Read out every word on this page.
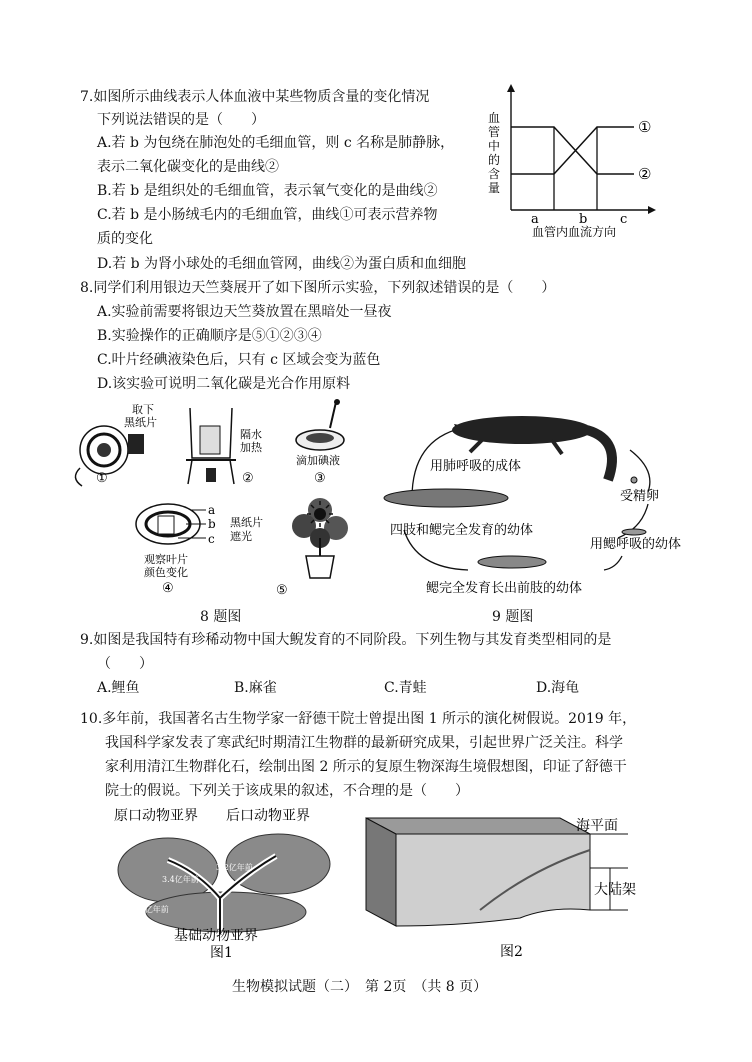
7.如图所示曲线表示人体血液中某些物质含量的变化情况
下列说法错误的是（　　）
A.若 b 为包绕在肺泡处的毛细血管，则 c 名称是肺静脉，
表示二氧化碳变化的是曲线②
B.若 b 是组织处的毛细血管，表示氧气变化的是曲线②
C.若 b 是小肠绒毛内的毛细血管，曲线①可表示营养物
质的变化
D.若 b 为肾小球处的毛细血管网，曲线②为蛋白质和血细胞
血
管
中
的
含
量
a	b	c
血管内血流方向
①
②
8.同学们利用银边天竺葵展开了如下图所示实验，下列叙述错误的是（　　）
A.实验前需要将银边天竺葵放置在黑暗处一昼夜
B.实验操作的正确顺序是⑤①②③④
C.叶片经碘液染色后，只有 c 区域会变为蓝色
D.该实验可说明二氧化碳是光合作用原料
取下
黑纸片
①
隔水
加热
②
滴加碘液
③
a
b
c
观察叶片
颜色变化
④
黑纸片
遮光
⑤
8 题图
用肺呼吸的成体
受精卵
用鳃呼吸的幼体
四肢和鳃完全发育的幼体
鳃完全发育长出前肢的幼体
9 题图
9.如图是我国特有珍稀动物中国大鲵发育的不同阶段。下列生物与其发育类型相同的是
（　　）
A.鲤鱼	B.麻雀	C.青蛙	D.海龟
10.多年前，我国著名古生物学家一舒德干院士曾提出图 1 所示的演化树假说。2019 年，
我国科学家发表了寒武纪时期清江生物群的最新研究成果，引起世界广泛关注。科学
家利用清江生物群化石，绘制出图 2 所示的复原生物深海生境假想图，印证了舒德干
院士的假说。下列关于该成果的叙述，不合理的是（　　）
原口动物亚界 后口动物亚界
3.2亿年前
3.4亿年前
3.6亿年前
基础动物亚界
图1
海平面
大陆架
图2
生物模拟试题（二）　第 2页　（共 8 页）
